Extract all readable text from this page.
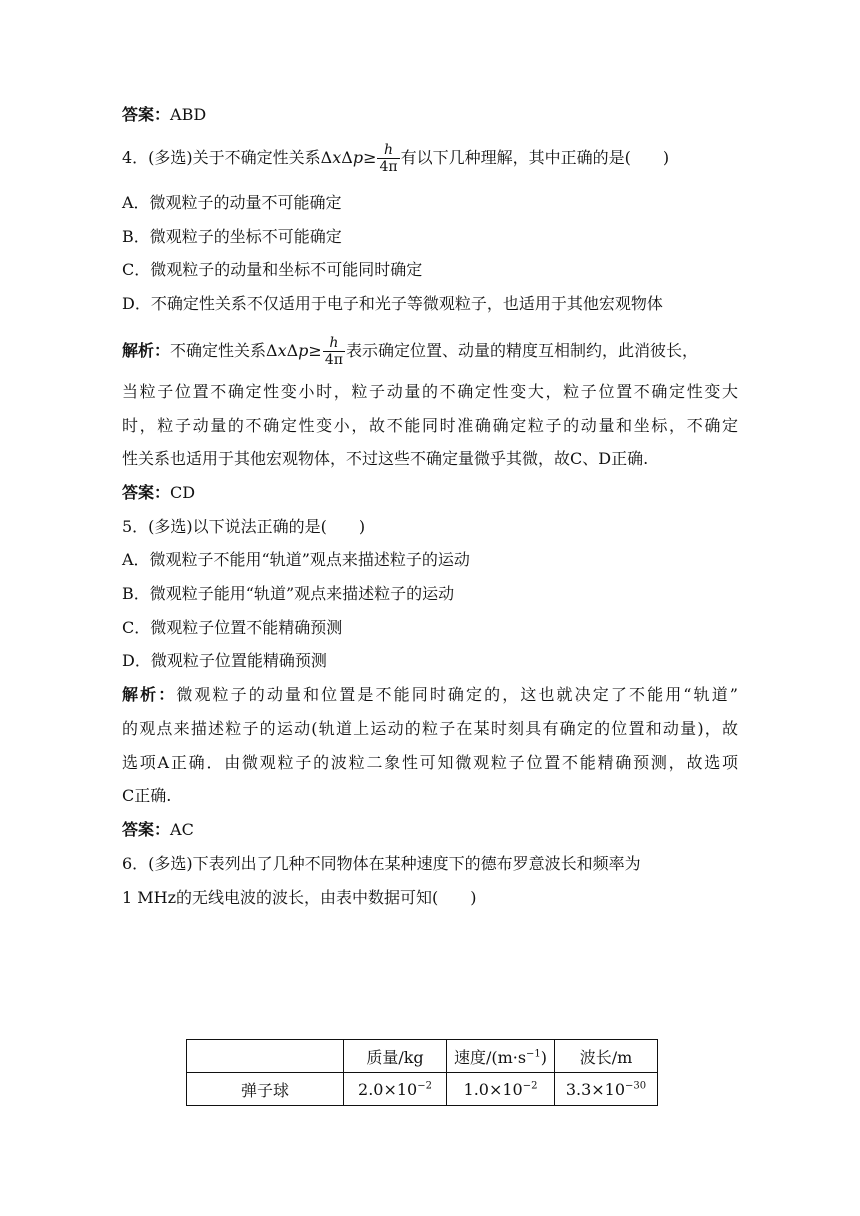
答案：ABD
4．(多选)关于不确定性关系$\Delta x\Delta p\ge \frac{h}{4\pi}$ 有以下几种理解，其中正确的是(　　)
A．微观粒子的动量不可能确定
B．微观粒子的坐标不可能确定
C．微观粒子的动量和坐标不可能同时确定
D．不确定性关系不仅适用于电子和光子等微观粒子，也适用于其他宏观物体
解析：不确定性关系$\Delta x\Delta p\ge \frac{h}{4\pi}$ 表示确定位置、动量的精度互相制约，此消彼长，
当粒子位置不确定性变小时，粒子动量的不确定性变大，粒子位置不确定性变大
时，粒子动量的不确定性变小，故不能同时准确确定粒子的动量和坐标，不确定
性关系也适用于其他宏观物体，不过这些不确定量微乎其微，故C、D正确.
答案：CD
5．(多选)以下说法正确的是(　　)
A．微观粒子不能用“轨道”观点来描述粒子的运动
B．微观粒子能用“轨道”观点来描述粒子的运动
C．微观粒子位置不能精确预测
D．微观粒子位置能精确预测
解析：微观粒子的动量和位置是不能同时确定的，这也就决定了不能用“轨道”
的观点来描述粒子的运动(轨道上运动的粒子在某时刻具有确定的位置和动量)，故
选项A正确．由微观粒子的波粒二象性可知微观粒子位置不能精确预测，故选项
C正确.
答案：AC
6．(多选)下表列出了几种不同物体在某种速度下的德布罗意波长和频率为
1 MHz的无线电波的波长，由表中数据可知(　　)
	质量/kg	速度$/(m\cdot s^{-1})$	波长/m
弹子球	$2.0\times 10^{-2}$	$1.0\times 10^{-2}$	$3.3\times 10^{-30}$
